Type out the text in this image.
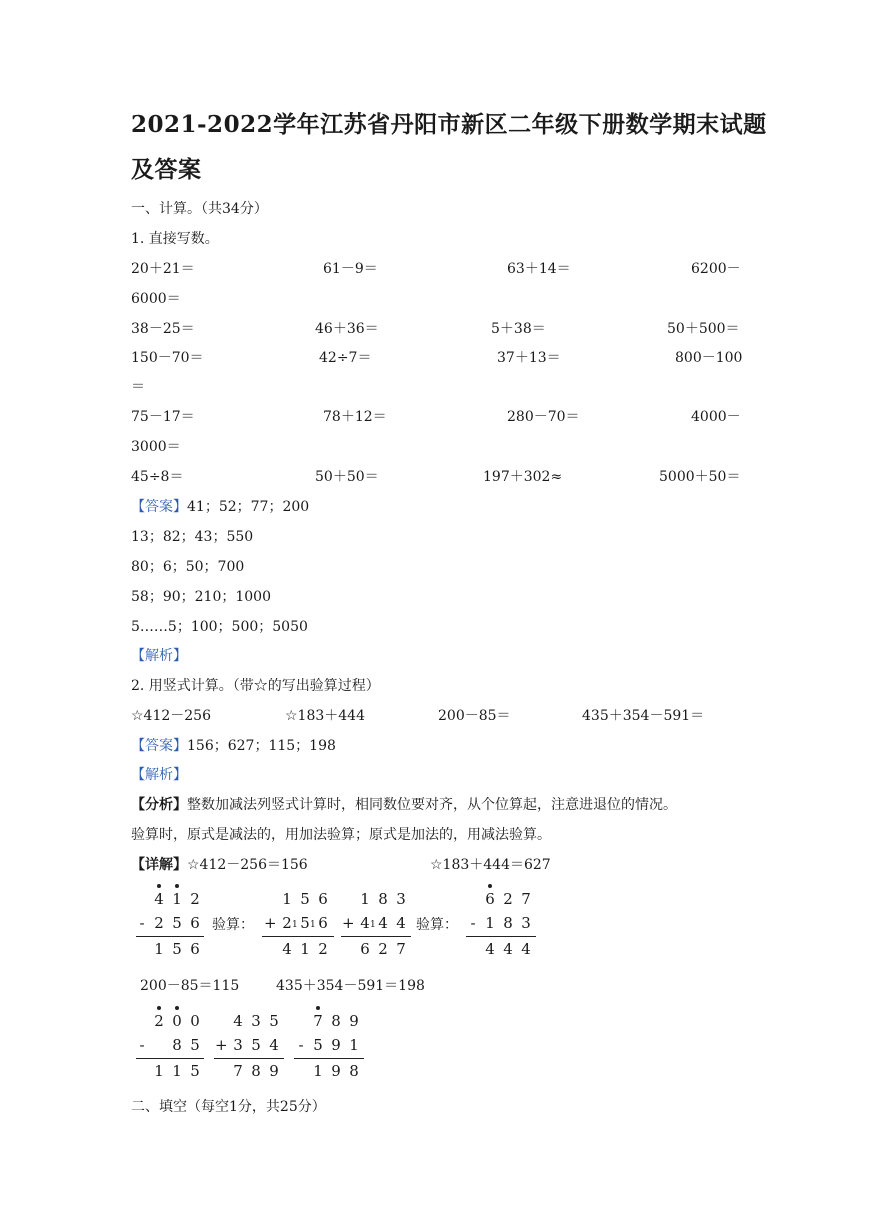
2021-2022学年江苏省丹阳市新区二年级下册数学期末试题
及答案
一、计算。（共34分）
1. 直接写数。
20＋21＝	61－9＝	63＋14＝	6200－
6000＝
38－25＝	46＋36＝	5＋38＝	50＋500＝
150－70＝	42÷7＝	37＋13＝	800－100
＝
75－17＝	78＋12＝	280－70＝	4000－
3000＝
45÷8＝	50＋50＝	197＋302≈	5000＋50＝
【答案】41；52；77；200
13；82；43；550
80；6；50；700
58；90；210；1000
5……5；100；500；5050
【解析】
2. 用竖式计算。（带☆的写出验算过程）
☆412－256	☆183＋444	200－85＝	435＋354－591＝
【答案】156；627；115；198
【解析】
【分析】整数加减法列竖式计算时，相同数位要对齐，从个位算起，注意进退位的情况。
验算时，原式是减法的，用加法验算；原式是加法的，用减法验算。
【详解】☆412－256＝156	☆183＋444＝627
4 1 2
- 2 5 6
1 5 6
验算：
1 5 6
+ 2 1 5 1 6
4 1 2
1 8 3
+ 4 1 4 4
6 2 7
验算：
6 2 7
- 1 8 3
4 4 4
200－85＝115	435＋354－591＝198
2 0 0
- 8 5
1 1 5
4 3 5
+ 3 5 4
7 8 9
7 8 9
- 5 9 1
1 9 8
二、填空（每空1分，共25分）
